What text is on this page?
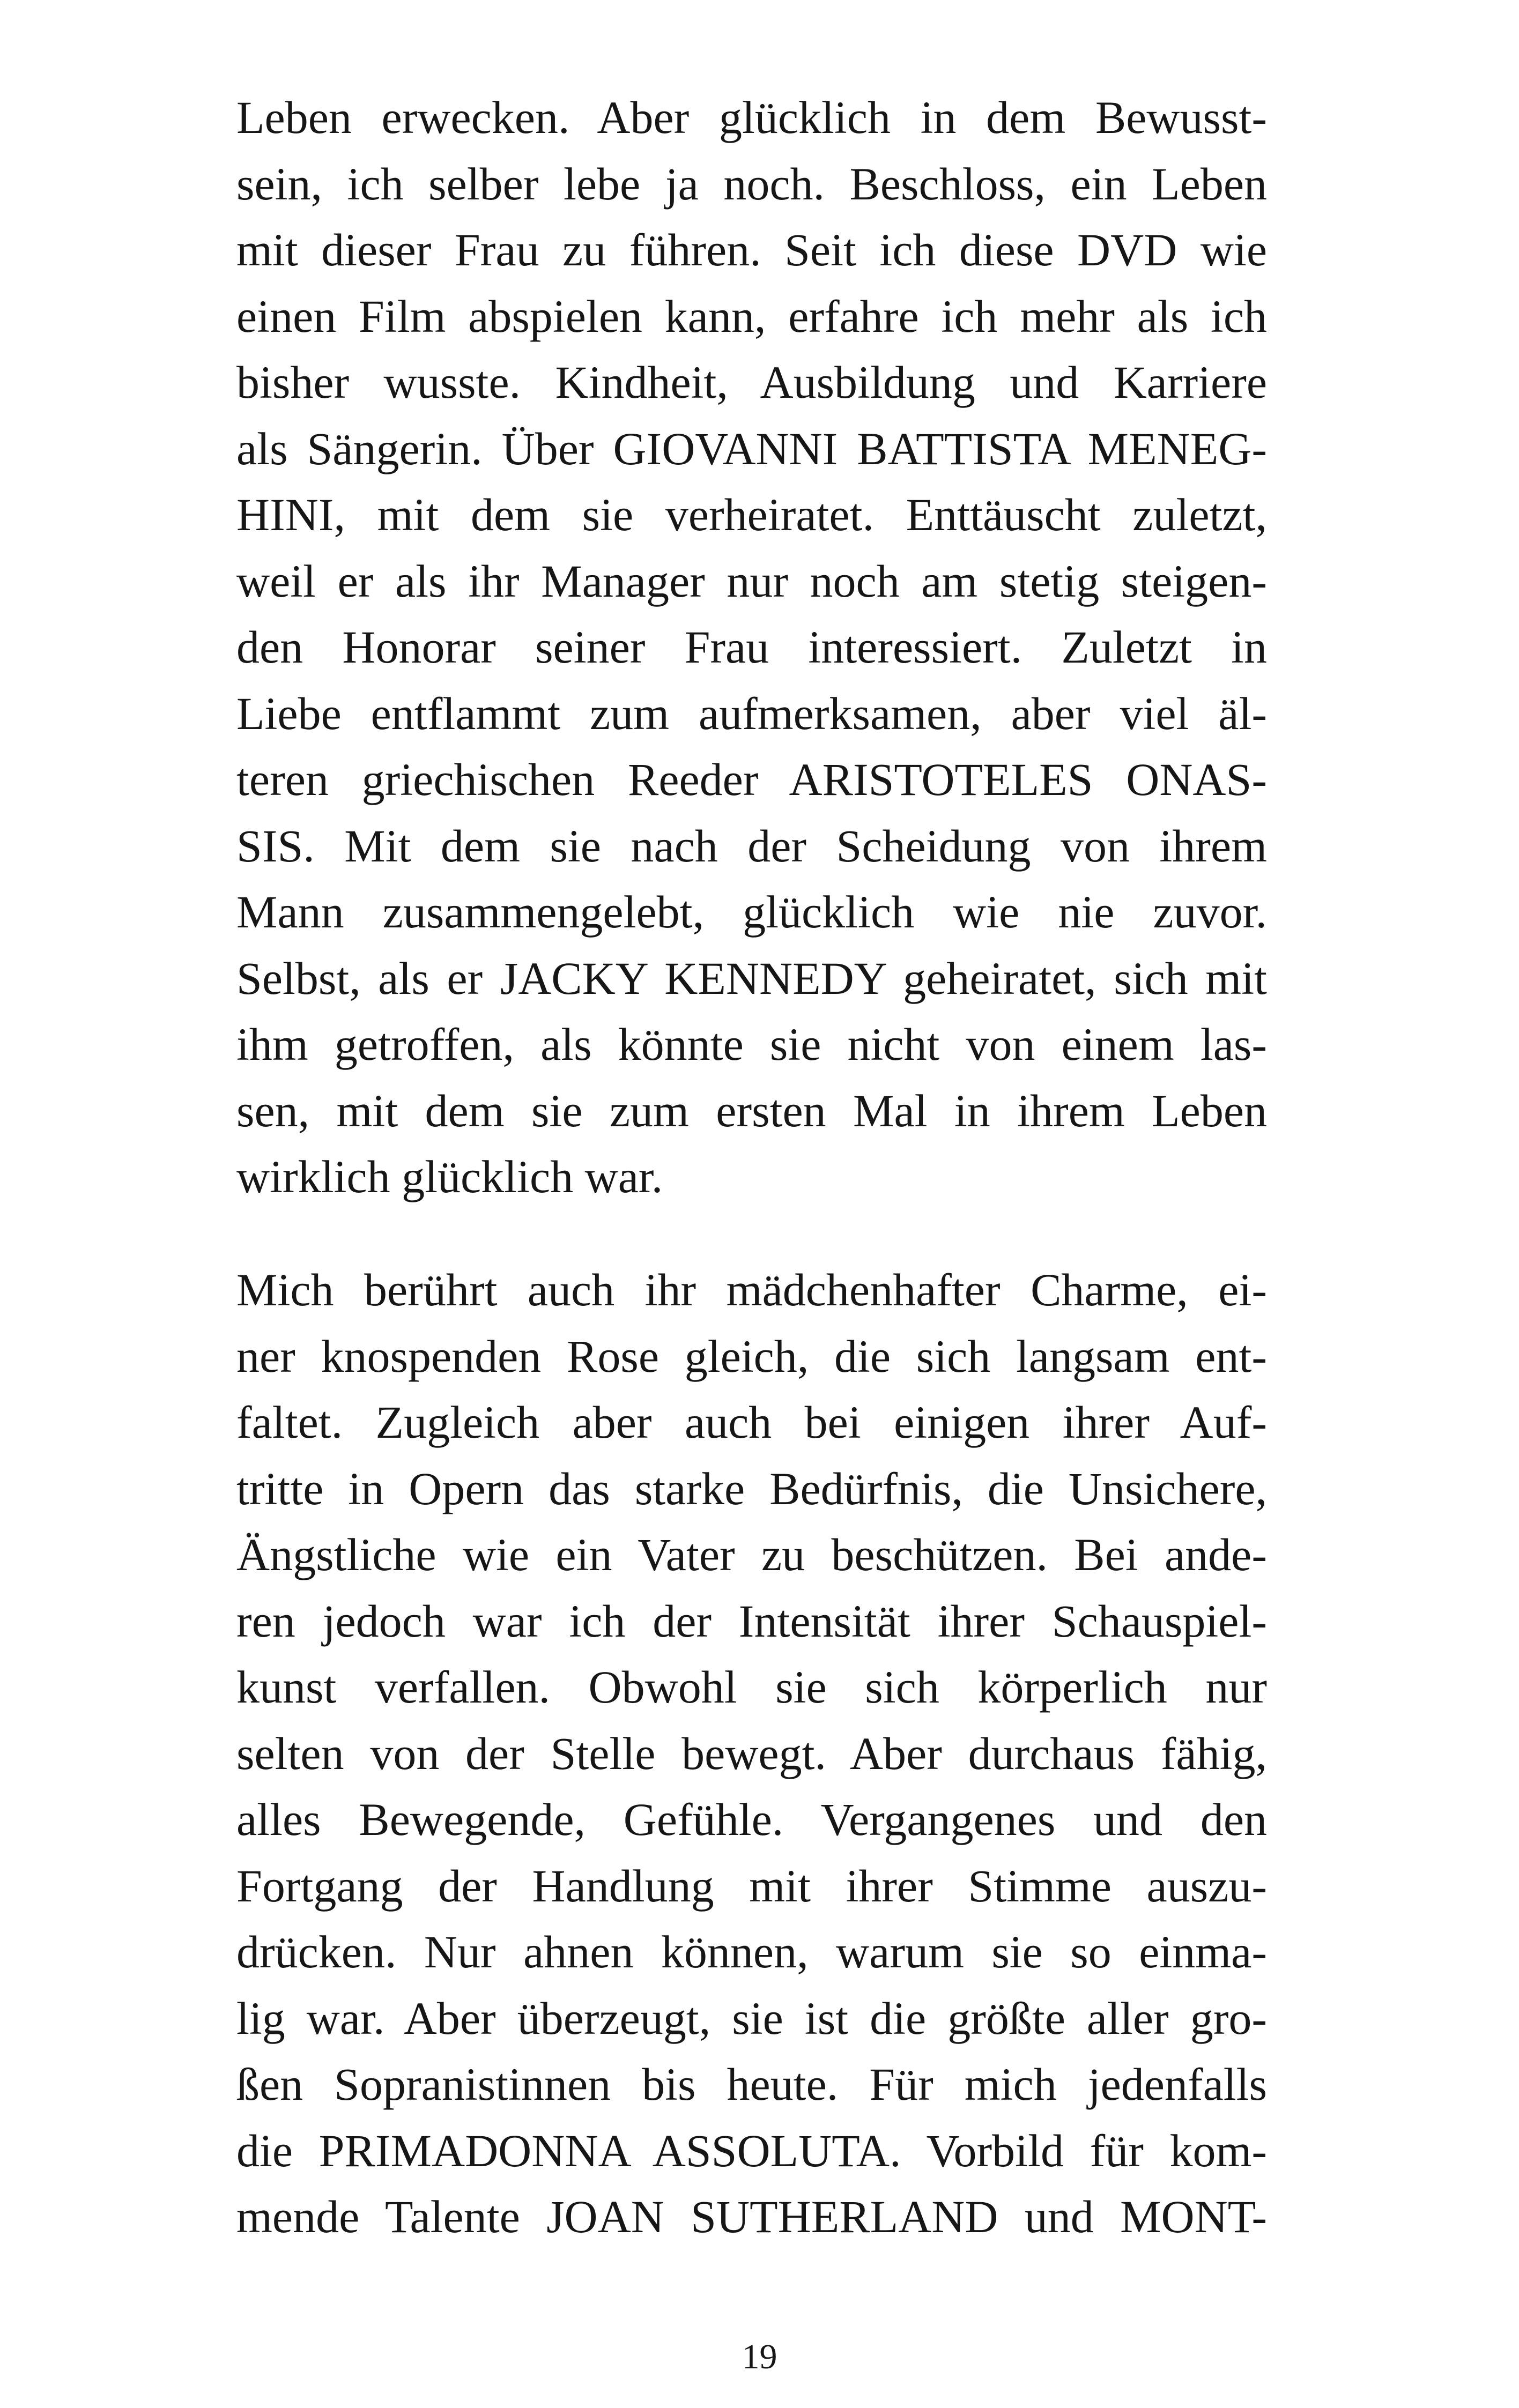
Leben erwecken. Aber glücklich in dem Bewusst-
sein, ich selber lebe ja noch. Beschloss, ein Leben
mit dieser Frau zu führen. Seit ich diese DVD wie
einen Film abspielen kann, erfahre ich mehr als ich
bisher wusste. Kindheit, Ausbildung und Karriere
als Sängerin. Über GIOVANNI BATTISTA MENEG-
HINI, mit dem sie verheiratet. Enttäuscht zuletzt,
weil er als ihr Manager nur noch am stetig steigen-
den Honorar seiner Frau interessiert. Zuletzt in
Liebe entflammt zum aufmerksamen, aber viel äl-
teren griechischen Reeder ARISTOTELES ONAS-
SIS. Mit dem sie nach der Scheidung von ihrem
Mann zusammengelebt, glücklich wie nie zuvor.
Selbst, als er JACKY KENNEDY geheiratet, sich mit
ihm getroffen, als könnte sie nicht von einem las-
sen, mit dem sie zum ersten Mal in ihrem Leben
wirklich glücklich war.
Mich berührt auch ihr mädchenhafter Charme, ei-
ner knospenden Rose gleich, die sich langsam ent-
faltet. Zugleich aber auch bei einigen ihrer Auf-
tritte in Opern das starke Bedürfnis, die Unsichere,
Ängstliche wie ein Vater zu beschützen. Bei ande-
ren jedoch war ich der Intensität ihrer Schauspiel-
kunst verfallen. Obwohl sie sich körperlich nur
selten von der Stelle bewegt. Aber durchaus fähig,
alles Bewegende, Gefühle. Vergangenes und den
Fortgang der Handlung mit ihrer Stimme auszu-
drücken. Nur ahnen können, warum sie so einma-
lig war. Aber überzeugt, sie ist die größte aller gro-
ßen Sopranistinnen bis heute. Für mich jedenfalls
die PRIMADONNA ASSOLUTA. Vorbild für kom-
mende Talente JOAN SUTHERLAND und MONT-
19
